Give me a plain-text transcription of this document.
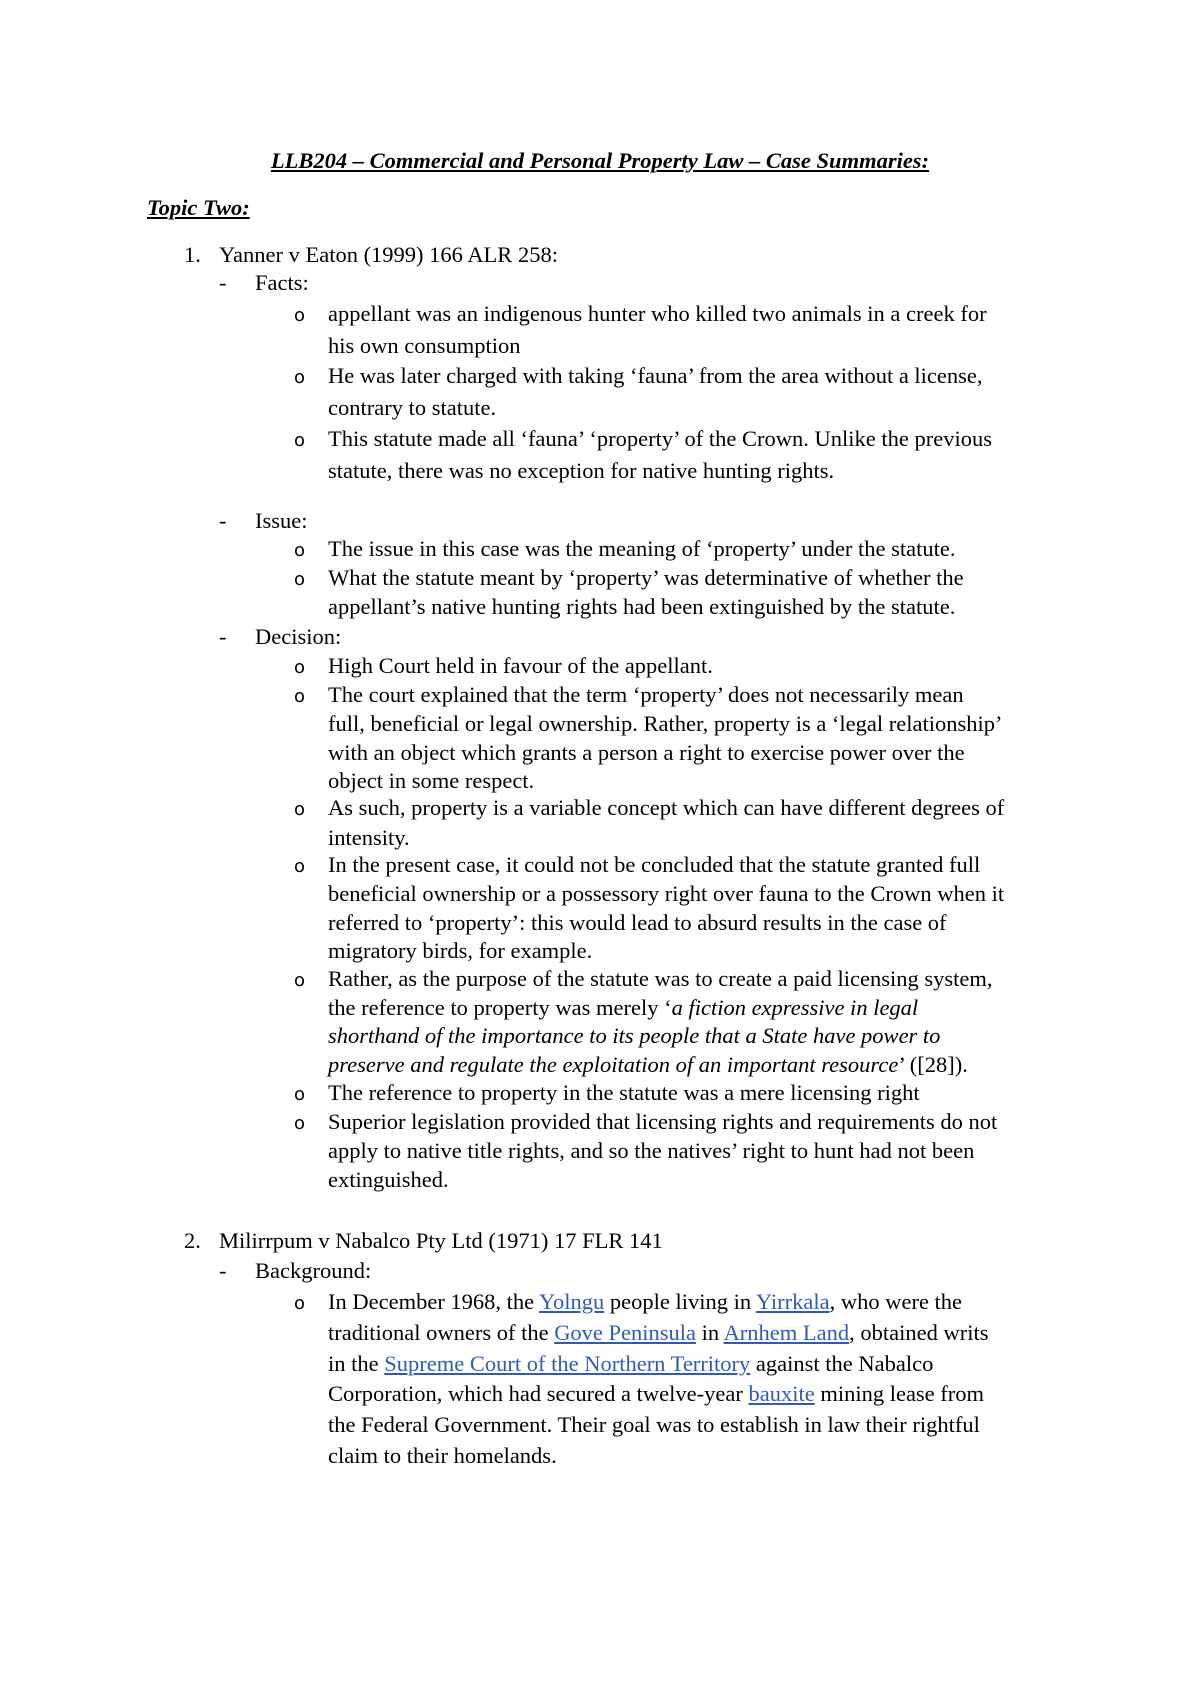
LLB204 – Commercial and Personal Property Law – Case Summaries:
Topic Two:
1. Yanner v Eaton (1999) 166 ALR 258:
- Facts:
o appellant was an indigenous hunter who killed two animals in a creek for
his own consumption
o He was later charged with taking ‘fauna’ from the area without a license,
contrary to statute.
o This statute made all ‘fauna’ ‘property’ of the Crown. Unlike the previous
statute, there was no exception for native hunting rights.
- Issue:
o The issue in this case was the meaning of ‘property’ under the statute.
o What the statute meant by ‘property’ was determinative of whether the
appellant’s native hunting rights had been extinguished by the statute.
- Decision:
o High Court held in favour of the appellant.
o The court explained that the term ‘property’ does not necessarily mean
full, beneficial or legal ownership. Rather, property is a ‘legal relationship’
with an object which grants a person a right to exercise power over the
object in some respect.
o As such, property is a variable concept which can have different degrees of
intensity.
o In the present case, it could not be concluded that the statute granted full
beneficial ownership or a possessory right over fauna to the Crown when it
referred to ‘property’: this would lead to absurd results in the case of
migratory birds, for example.
o Rather, as the purpose of the statute was to create a paid licensing system,
the reference to property was merely ‘a fiction expressive in legal
shorthand of the importance to its people that a State have power to
preserve and regulate the exploitation of an important resource’ ([28]).
o The reference to property in the statute was a mere licensing right
o Superior legislation provided that licensing rights and requirements do not
apply to native title rights, and so the natives’ right to hunt had not been
extinguished.
2. Milirrpum v Nabalco Pty Ltd (1971) 17 FLR 141
- Background:
o In December 1968, the Yolngu people living in Yirrkala, who were the
traditional owners of the Gove Peninsula in Arnhem Land, obtained writs
in the Supreme Court of the Northern Territory against the Nabalco
Corporation, which had secured a twelve-year bauxite mining lease from
the Federal Government. Their goal was to establish in law their rightful
claim to their homelands.
